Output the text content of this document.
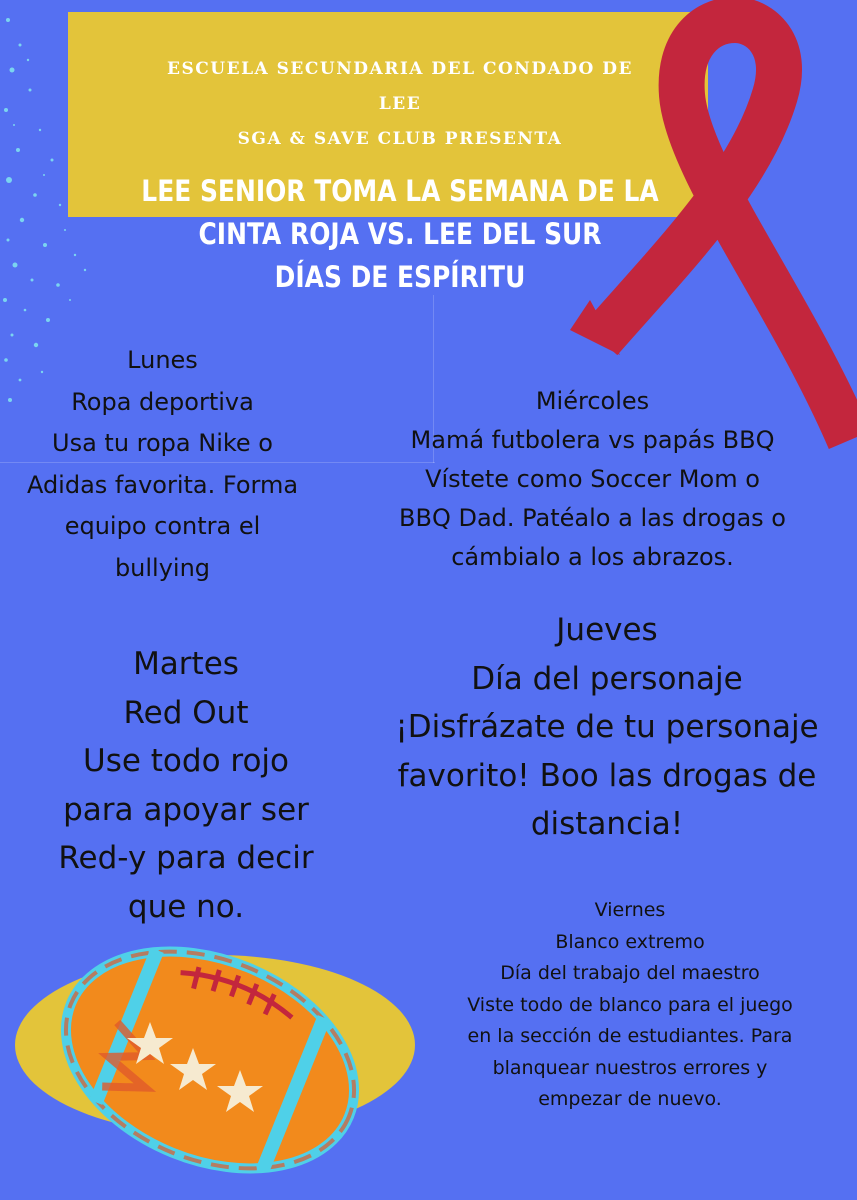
ESCUELA SECUNDARIA DEL CONDADO DE
LEE
SGA & SAVE CLUB PRESENTA
LEE SENIOR TOMA LA SEMANA DE LA
CINTA ROJA VS. LEE DEL SUR
DÍAS DE ESPÍRITU
Lunes
Ropa deportiva
Usa tu ropa Nike o
Adidas favorita. Forma
equipo contra el
bullying
Miércoles
Mamá futbolera vs papás BBQ
Vístete como Soccer Mom o
BBQ Dad. Patéalo a las drogas o
cámbialo a los abrazos.
Martes
Red Out
Use todo rojo
para apoyar ser
Red-y para decir
que no.
Jueves
Día del personaje
¡Disfrázate de tu personaje
favorito! Boo las drogas de
distancia!
Viernes
Blanco extremo
Día del trabajo del maestro
Viste todo de blanco para el juego
en la sección de estudiantes. Para
blanquear nuestros errores y
empezar de nuevo.
